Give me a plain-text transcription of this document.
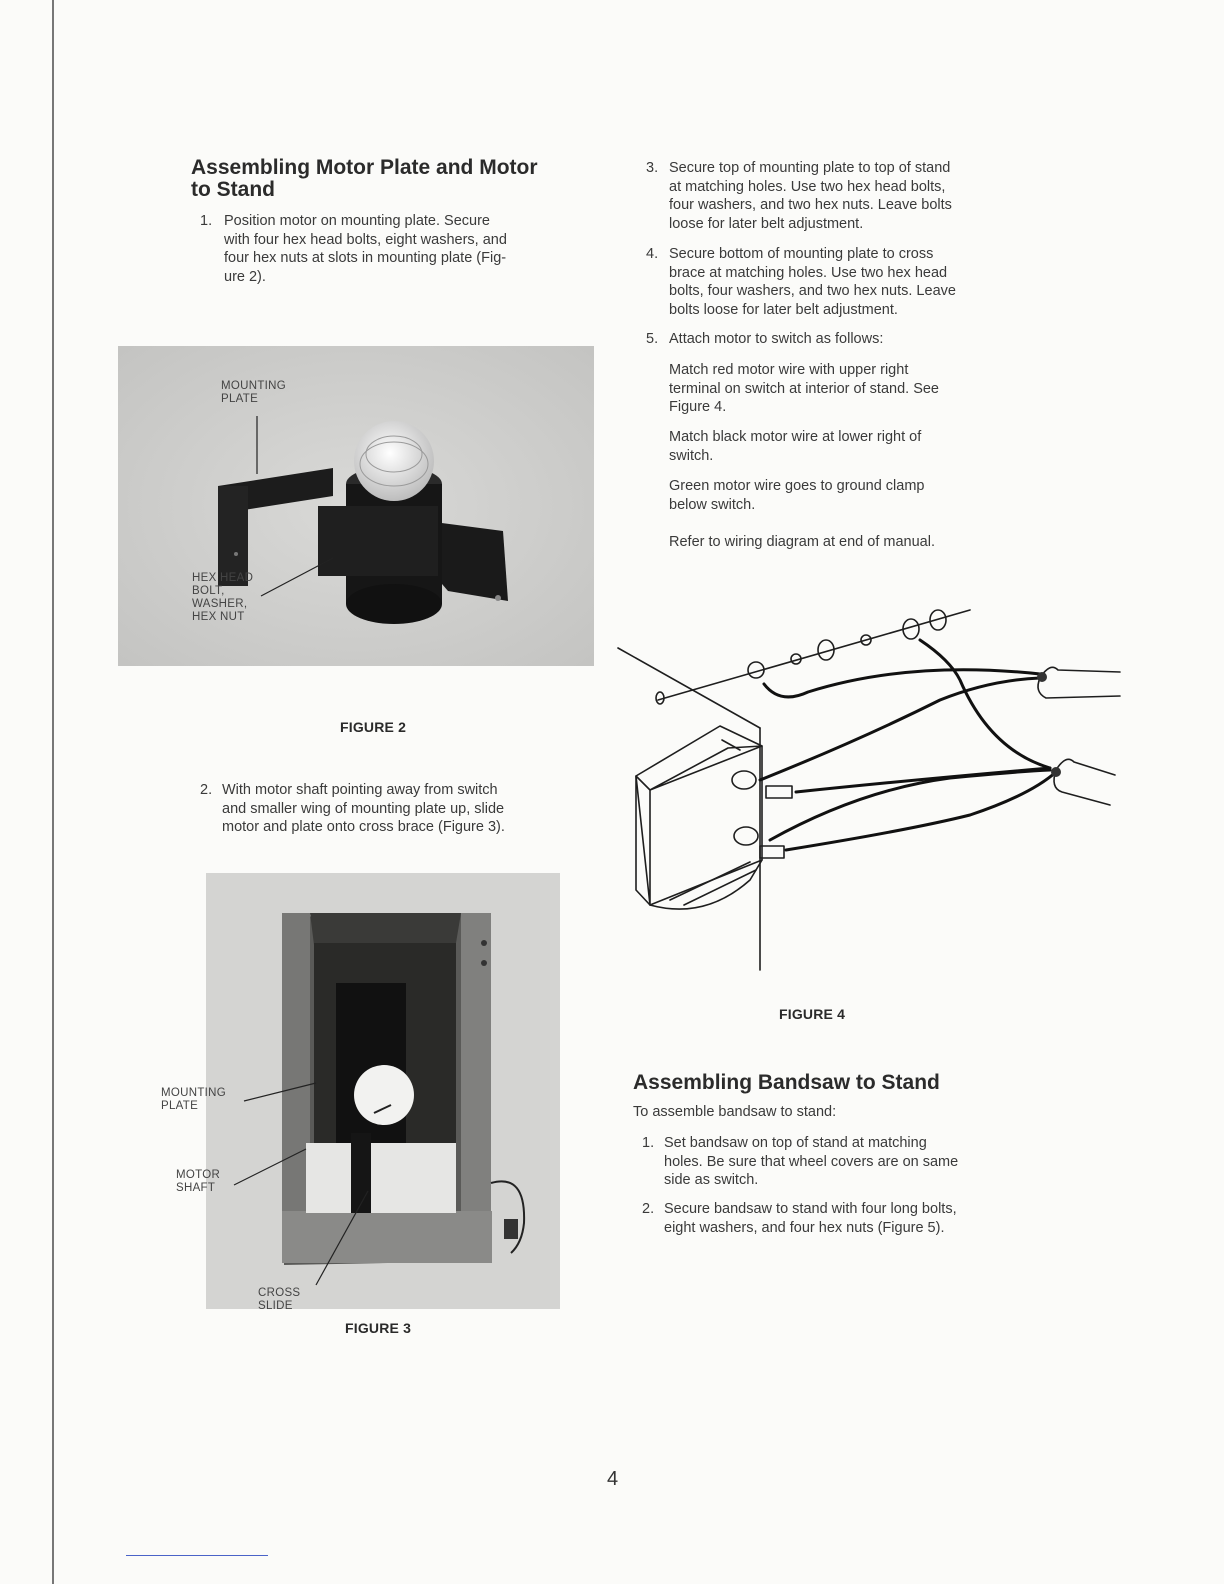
Assembling Motor Plate and Motor
to Stand
1. Position motor on mounting plate. Secure
with four hex head bolts, eight washers, and
four hex nuts at slots in mounting plate (Fig-
ure 2).
MOUNTING
PLATE
HEX HEAD
BOLT,
WASHER,
HEX NUT
FIGURE 2
2. With motor shaft pointing away from switch
and smaller wing of mounting plate up, slide
motor and plate onto cross brace (Figure 3).
CROSS
SLIDE
MOUNTING
PLATE
MOTOR
SHAFT
FIGURE 3
3. Secure top of mounting plate to top of stand
at matching holes. Use two hex head bolts,
four washers, and two hex nuts. Leave bolts
loose for later belt adjustment.
4. Secure bottom of mounting plate to cross
brace at matching holes. Use two hex head
bolts, four washers, and two hex nuts. Leave
bolts loose for later belt adjustment.
5. Attach motor to switch as follows:
Match red motor wire with upper right
terminal on switch at interior of stand. See
Figure 4.
Match black motor wire at lower right of
switch.
Green motor wire goes to ground clamp
below switch.
Refer to wiring diagram at end of manual.
FIGURE 4
Assembling Bandsaw to Stand
To assemble bandsaw to stand:
1. Set bandsaw on top of stand at matching
holes. Be sure that wheel covers are on same
side as switch.
2. Secure bandsaw to stand with four long bolts,
eight washers, and four hex nuts (Figure 5).
4
